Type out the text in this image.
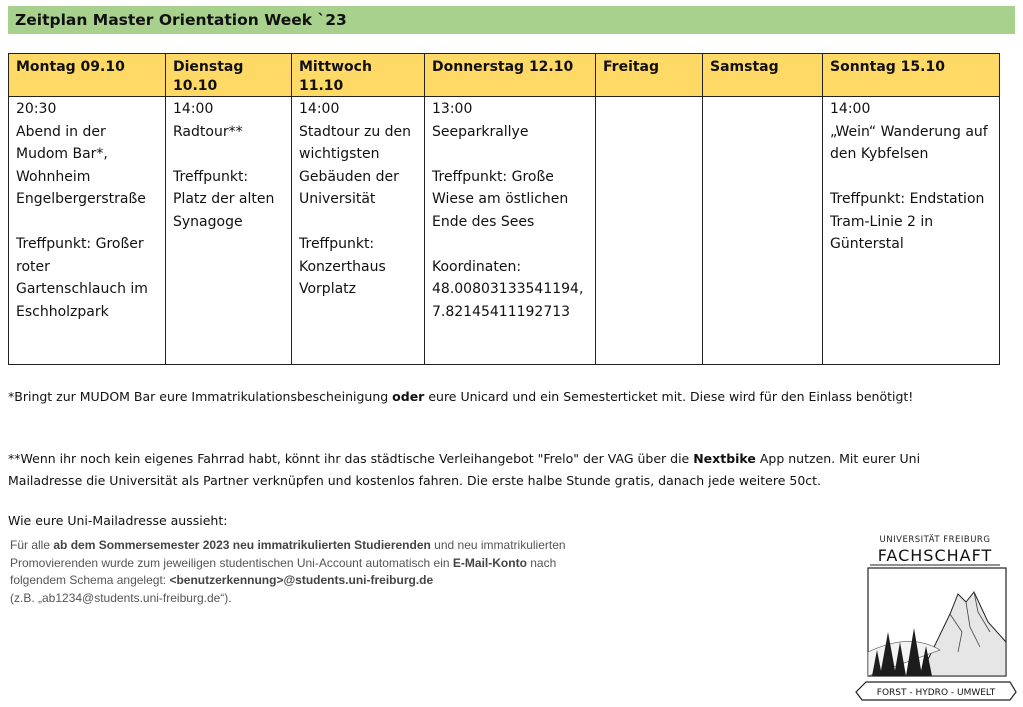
Zeitplan Master Orientation Week `23
Montag 09.10	Dienstag 10.10	Mittwoch 11.10	Donnerstag 12.10	Freitag	Samstag	Sonntag 15.10

20:30
Abend in der Mudom Bar*, Wohnheim Engelbergerstraße

Treffpunkt: Großer roter Gartenschlauch im Eschholzpark	14:00
Radtour**

Treffpunkt: Platz der alten Synagoge	14:00
Stadtour zu den wichtigsten Gebäuden der Universität

Treffpunkt: Konzerthaus Vorplatz	13:00
Seeparkrallye

Treffpunkt: Große Wiese am östlichen Ende des Sees

Koordinaten: 48.00803133541194, 7.82145411192713			14:00
„Wein“ Wanderung auf den Kybfelsen

Treffpunkt: Endstation Tram-Linie 2 in Günterstal
*Bringt zur MUDOM Bar eure Immatrikulationsbescheinigung oder eure Unicard und ein Semesterticket mit. Diese wird für den Einlass benötigt!
**Wenn ihr noch kein eigenes Fahrrad habt, könnt ihr das städtische Verleihangebot "Frelo" der VAG über die Nextbike App nutzen. Mit eurer Uni
Mailadresse die Universität als Partner verknüpfen und kostenlos fahren. Die erste halbe Stunde gratis, danach jede weitere 50ct.
Wie eure Uni-Mailadresse aussieht:
Für alle ab dem Sommersemester 2023 neu immatrikulierten Studierenden und neu immatrikulierten Promovierenden wurde zum jeweiligen studentischen Uni-Account automatisch ein E-Mail-Konto nach folgendem Schema angelegt: <benutzerkennung>@students.uni-freiburg.de
(z.B. „ab1234@students.uni-freiburg.de“).
UNIVERSITÄT FREIBURG
FACHSCHAFT
FORST - HYDRO - UMWELT
